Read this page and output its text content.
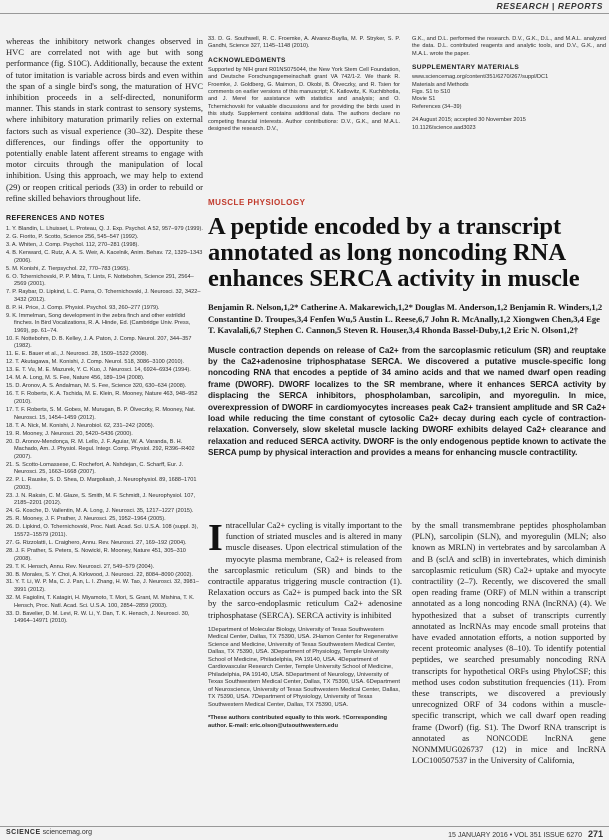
RESEARCH | REPORTS

whereas the inhibitory network changes observed in HVC are correlated not with age but with song performance (fig. S10C). Additionally, because the extent of tutor imitation is variable across birds and even within the span of a single bird's song, the maturation of HVC inhibition proceeds in a self-directed, nonuniform manner. This stands in stark contrast to sensory systems, where inhibitory maturation primarily relies on external factors such as visual experience (30–32). Despite these differences, our findings offer the opportunity to potentially enable latent afferent streams to engage with motor circuits through the manipulation of local inhibition. Using this approach, we may help to extend (29) or reopen critical periods (33) in order to rebuild or refine skilled behaviors throughout life.

REFERENCES AND NOTES
1. Y. Blandin, L. Lhuisset, L. Proteau, Q. J. Exp. Psychol. A 52, 957–979 (1999).
2. G. Fiorito, P. Scotto, Science 256, 545–547 (1992).
3. A. Whiten, J. Comp. Psychol. 112, 270–281 (1998).
4. B. Kenward, C. Rutz, A. A. S. Weir, A. Kacelnik, Anim. Behav. 72, 1329–1343 (2006).
5. M. Konishi, Z. Tierpsychol. 22, 770–783 (1965).
6. O. Tchernichovski, P. P. Mitra, T. Lints, F. Nottebohm, Science 291, 2564–2569 (2001).
7. P. Raybar, D. Lipkind, L. C. Parra, O. Tchernichovski, J. Neurosci. 32, 3422–3432 (2012).
8. P. H. Price, J. Comp. Physiol. Psychol. 93, 260–277 (1979).
9. K. Immelman, Song development in the zebra finch and other estrildid finches. In Bird Vocalizations, R. A. Hinde, Ed. (Cambridge Univ. Press, 1969), pp. 61–74.
10. F. Nottebohm, D. B. Kelley, J. A. Paton, J. Comp. Neurol. 207, 344–357 (1982).
11. E. E. Bauer et al., J. Neurosci. 28, 1509–1522 (2008).
12. T. Akutagawa, M. Konishi, J. Comp. Neurol. 518, 3086–3100 (2010).
13. E. T. Vu, M. E. Mazurek, Y. C. Kuo, J. Neurosci. 14, 6924–6934 (1994).
14. M. A. Long, M. S. Fee, Nature 456, 189–194 (2008).
15. D. Aronov, A. S. Andalman, M. S. Fee, Science 320, 630–634 (2008).
16. T. F. Roberts, K. A. Tschida, M. E. Klein, R. Mooney, Nature 463, 948–952 (2010).
17. T. F. Roberts, S. M. Gobes, M. Murugan, B. P. Ölveczky, R. Mooney, Nat. Neurosci. 15, 1454–1459 (2012).
18. T. A. Nick, M. Konishi, J. Neurobiol. 62, 231–242 (2005).
19. R. Mooney, J. Neurosci. 20, 5420–5436 (2000).
20. D. Aronov-Mendonça, R. M. Lello, J. F. Aguiar, W. A. Varanda, B. H. Machado, Am. J. Physiol. Regul. Integr. Comp. Physiol. 292, R396–R402 (2007).
21. S. Scotto-Lomassese, C. Rochefort, A. Nshdejan, C. Scharff, Eur. J. Neurosci. 25, 1663–1668 (2007).
22. P. L. Rauske, S. D. Shea, D. Margoliash, J. Neurophysiol. 89, 1688–1701 (2003).
23. J. N. Raksin, C. M. Glaze, S. Smith, M. F. Schmidt, J. Neurophysiol. 107, 2185–2201 (2012).
24. G. Kosche, D. Vallentin, M. A. Long, J. Neurosci. 35, 1217–1227 (2015).
25. R. Mooney, J. F. Prather, J. Neurosci. 25, 1952–1964 (2005).
26. D. Lipkind, O. Tchernichovski, Proc. Natl. Acad. Sci. U.S.A. 108 (suppl. 3), 15572–15579 (2011).
27. G. Rizzolatti, L. Craighero, Annu. Rev. Neurosci. 27, 169–192 (2004).
28. J. F. Prather, S. Peters, S. Nowicki, R. Mooney, Nature 451, 305–310 (2008).
29. T. K. Hensch, Annu. Rev. Neurosci. 27, 549–579 (2004).
30. B. Morales, S. Y. Choi, A. Kirkwood, J. Neurosci. 22, 8084–8090 (2002).
31. Y. T. Li, W. P. Ma, C. J. Pan, L. I. Zhang, H. W. Tao, J. Neurosci. 32, 3981–3991 (2012).
32. M. Fagiolini, T. Katagiri, H. Miyamoto, T. Mori, S. Grant, M. Mishina, T. K. Hensch, Proc. Natl. Acad. Sci. U.S.A. 100, 2854–2859 (2003).
33. D. Bavelier, D. M. Levi, R. W. Li, Y. Dan, T. K. Hensch, J. Neurosci. 30, 14964–14971 (2010).

33. D. G. Southwell, R. C. Froemke, A. Alvarez-Buylla, M. P. Stryker, S. P. Gandhi, Science 327, 1145–1148 (2010).

ACKNOWLEDGMENTS

Supported by NIH grant R01NS075044, the New York Stem Cell Foundation, and Deutsche Forschungsgemeinschaft grant VA 742/1-2. We thank R. Froemke, J. Goldberg, G. Maimon, D. Okobi, B. Ölveczky, and R. Tsien for comments on earlier versions of this manuscript; K. Katlowitz, K. Kuchibhotla, and J. Merel for assistance with statistics and analysis; and O. Tchernichovski for valuable discussions and for providing the birds used in this study. Supplement contains additional data. The authors declare no competing financial interests. Author contributions: D.V., G.K., and M.A.L. designed the research. D.V.,

G.K., and D.L. performed the research. D.V., G.K., D.L., and M.A.L. analyzed the data. D.L. contributed reagents and analytic tools, and D.V., G.K., and M.A.L. wrote the paper.

SUPPLEMENTARY MATERIALS
www.sciencemag.org/content/351/6270/267/suppl/DC1
Materials and Methods
Figs. S1 to S10
Movie S1
References (34–39)

24 August 2015; accepted 30 November 2015

10.1126/science.aad3023

MUSCLE PHYSIOLOGY
A peptide encoded by a transcript annotated as long noncoding RNA enhances SERCA activity in muscle

Benjamin R. Nelson,1,2* Catherine A. Makarewich,1,2* Douglas M. Anderson,1,2 Benjamin R. Winders,1,2 Constantine D. Troupes,3,4 Fenfen Wu,5 Austin L. Reese,6,7 John R. McAnally,1,2 Xiongwen Chen,3,4 Ege T. Kavalali,6,7 Stephen C. Cannon,5 Steven R. Houser,3,4 Rhonda Bassel-Duby,1,2 Eric N. Olson1,2†

Muscle contraction depends on release of Ca2+ from the sarcoplasmic reticulum (SR) and reuptake by the Ca2+adenosine triphosphatase SERCA. We discovered a putative muscle-specific long noncoding RNA that encodes a peptide of 34 amino acids and that we named dwarf open reading frame (DWORF). DWORF localizes to the SR membrane, where it enhances SERCA activity by displacing the SERCA inhibitors, phospholamban, sarcolipin, and myoregulin. In mice, overexpression of DWORF in cardiomyocytes increases peak Ca2+ transient amplitude and SR Ca2+ load while reducing the time constant of cytosolic Ca2+ decay during each cycle of contraction-relaxation. Conversely, slow skeletal muscle lacking DWORF exhibits delayed Ca2+ clearance and relaxation and reduced SERCA activity. DWORF is the only endogenous peptide known to activate the SERCA pump by physical interaction and provides a means for enhancing muscle contractility.

Intracellular Ca2+ cycling is vitally important to the function of striated muscles and is altered in many muscle diseases. Upon electrical stimulation of the myocyte plasma membrane, Ca2+ is released from the sarcoplasmic reticulum (SR) and binds to the contractile apparatus triggering muscle contraction (1). Relaxation occurs as Ca2+ is pumped back into the SR by the sarco-endoplasmic reticulum Ca2+ adenosine triphosphatase (SERCA). SERCA activity is inhibited

1Department of Molecular Biology, University of Texas Southwestern Medical Center, Dallas, TX 75390, USA. 2Hamon Center for Regenerative Science and Medicine, University of Texas Southwestern Medical Center, Dallas, TX 75390, USA. 3Department of Physiology, Temple University School of Medicine, Philadelphia, PA 19140, USA. 4Department of Cardiovascular Research Center, Temple University School of Medicine, Philadelphia, PA 19140, USA. 5Department of Neurology, University of Texas Southwestern Medical Center, Dallas, TX 75390, USA. 6Department of Neuroscience, University of Texas Southwestern Medical Center, Dallas, TX 75390, USA. 7Department of Physiology, University of Texas Southwestern Medical Center, Dallas, TX 75390, USA.

*These authors contributed equally to this work. †Corresponding author. E-mail: eric.olson@utsouthwestern.edu

by the small transmembrane peptides phospholamban (PLN), sarcolipin (SLN), and myoregulin (MLN; also known as MRLN) in vertebrates and by sarcolamban A and B (sclA and sclB) in invertebrates, which diminish sarcoplasmic reticulum (SR) Ca2+ uptake and myocyte contractility (2–7). Recently, we discovered the small open reading frame (ORF) of MLN within a transcript annotated as a long noncoding RNA (lncRNA) (4). We hypothesized that a subset of transcripts currently annotated as lncRNAs may encode small proteins that have evaded annotation efforts, a notion supported by recent proteomic analyses (8–10). To identify potential peptides, we searched presumably noncoding RNA transcripts for hypothetical ORFs using PhyloCSF; this method uses codon substitution frequencies (11). From these transcripts, we discovered a previously unrecognized ORF of 34 codons within a muscle-specific transcript, which we call dwarf open reading frame (Dworf) (fig. S1). The Dworf RNA transcript is annotated as NONCODE lncRNA gene NONMMUG026737 (12) in mice and lncRNA LOC100507537 in the University of California,

SCIENCE sciencemag.org	15 JANUARY 2016 • VOL 351 ISSUE 6270 271
